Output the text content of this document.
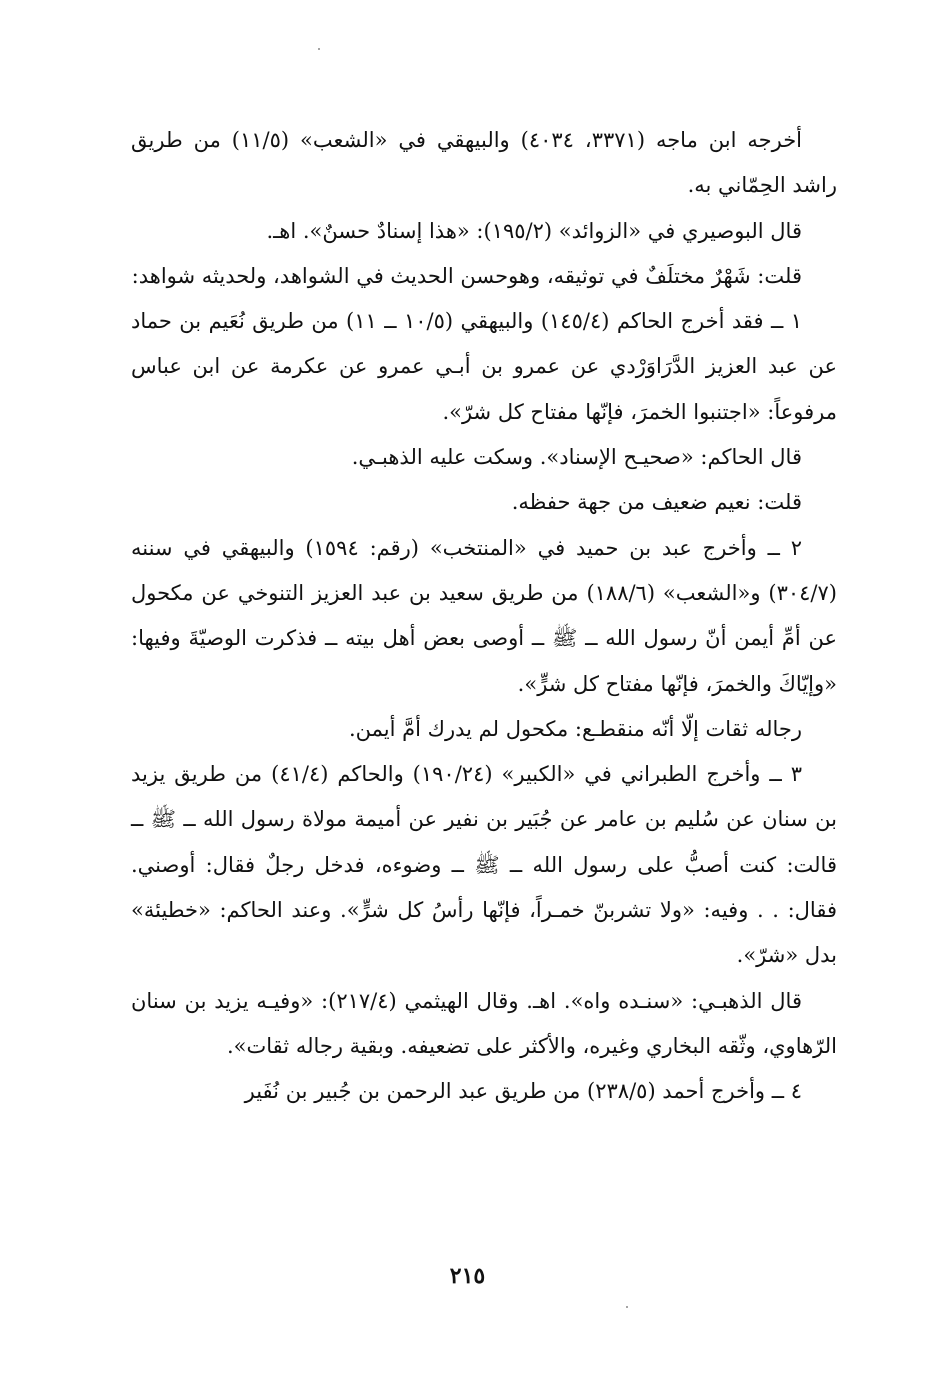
أخرجه ابن ماجه (٣٣٧١، ٤٠٣٤) والبيهقي في «الشعب» (١١/٥) من طريق راشد الحِمّاني به.

قال البوصيري في «الزوائد» (١٩٥/٢): «هذا إسنادٌ حسنٌ». اهـ.

قلت: شَهْرٌ مختلَفٌ في توثيقه، وهوحسن الحديث في الشواهد، ولحديثه شواهد:

١ ــ فقد أخرج الحاكم (١٤٥/٤) والبيهقي (١٠/٥ ــ ١١) من طريق نُعَيم بن حماد عن عبد العزيز الدَّرَاوَرْدي عن عمرو بن أبـي عمرو عن عكرمة عن ابن عباس مرفوعاً: «اجتنبوا الخمرَ، فإنّها مفتاح كل شرّ».

قال الحاكم: «صحيـح الإسناد». وسكت عليه الذهبـي.

قلت: نعيم ضعيف من جهة حفظه.

٢ ــ وأخرج عبد بن حميد في «المنتخب» (رقم: ١٥٩٤) والبيهقي في سننه (٣٠٤/٧) و«الشعب» (١٨٨/٦) من طريق سعيد بن عبد العزيز التنوخي عن مكحول عن أمِّ أيمن أنّ رسول الله ــ ﷺ ــ أوصى بعض أهل بيته ــ فذكرت الوصيّةَ وفيها: «وإيّاكَ والخمرَ، فإنّها مفتاح كل شرٍّ».

رجاله ثقات إلّا أنّه منقطـع: مكحول لم يدرك أمَّ أيمن.

٣ ــ وأخرج الطبراني في «الكبير» (١٩٠/٢٤) والحاكم (٤١/٤) من طريق يزيد بن سنان عن سُليم بن عامر عن جُبَير بن نفير عن أميمة مولاة رسول الله ــ ﷺ ــ قالت: كنت أصبُّ على رسول الله ــ ﷺ ــ وضوءه، فدخل رجلٌ فقال: أوصني. فقال: . . وفيه: «ولا تشربنّ خمـراً، فإنّها رأسُ كل شرٍّ». وعند الحاكم: «خطيئة» بدل «شرّ».

قال الذهبـي: «سنـده واه». اهـ. وقال الهيثمي (٢١٧/٤): «وفيـه يزيد بن سنان الرّهاوي، وثّقه البخاري وغيره، والأكثر على تضعيفه. وبقية رجاله ثقات».

٤ ــ وأخرج أحمد (٢٣٨/٥) من طريق عبد الرحمن بن جُبير بن نُفَير

٢١٥
